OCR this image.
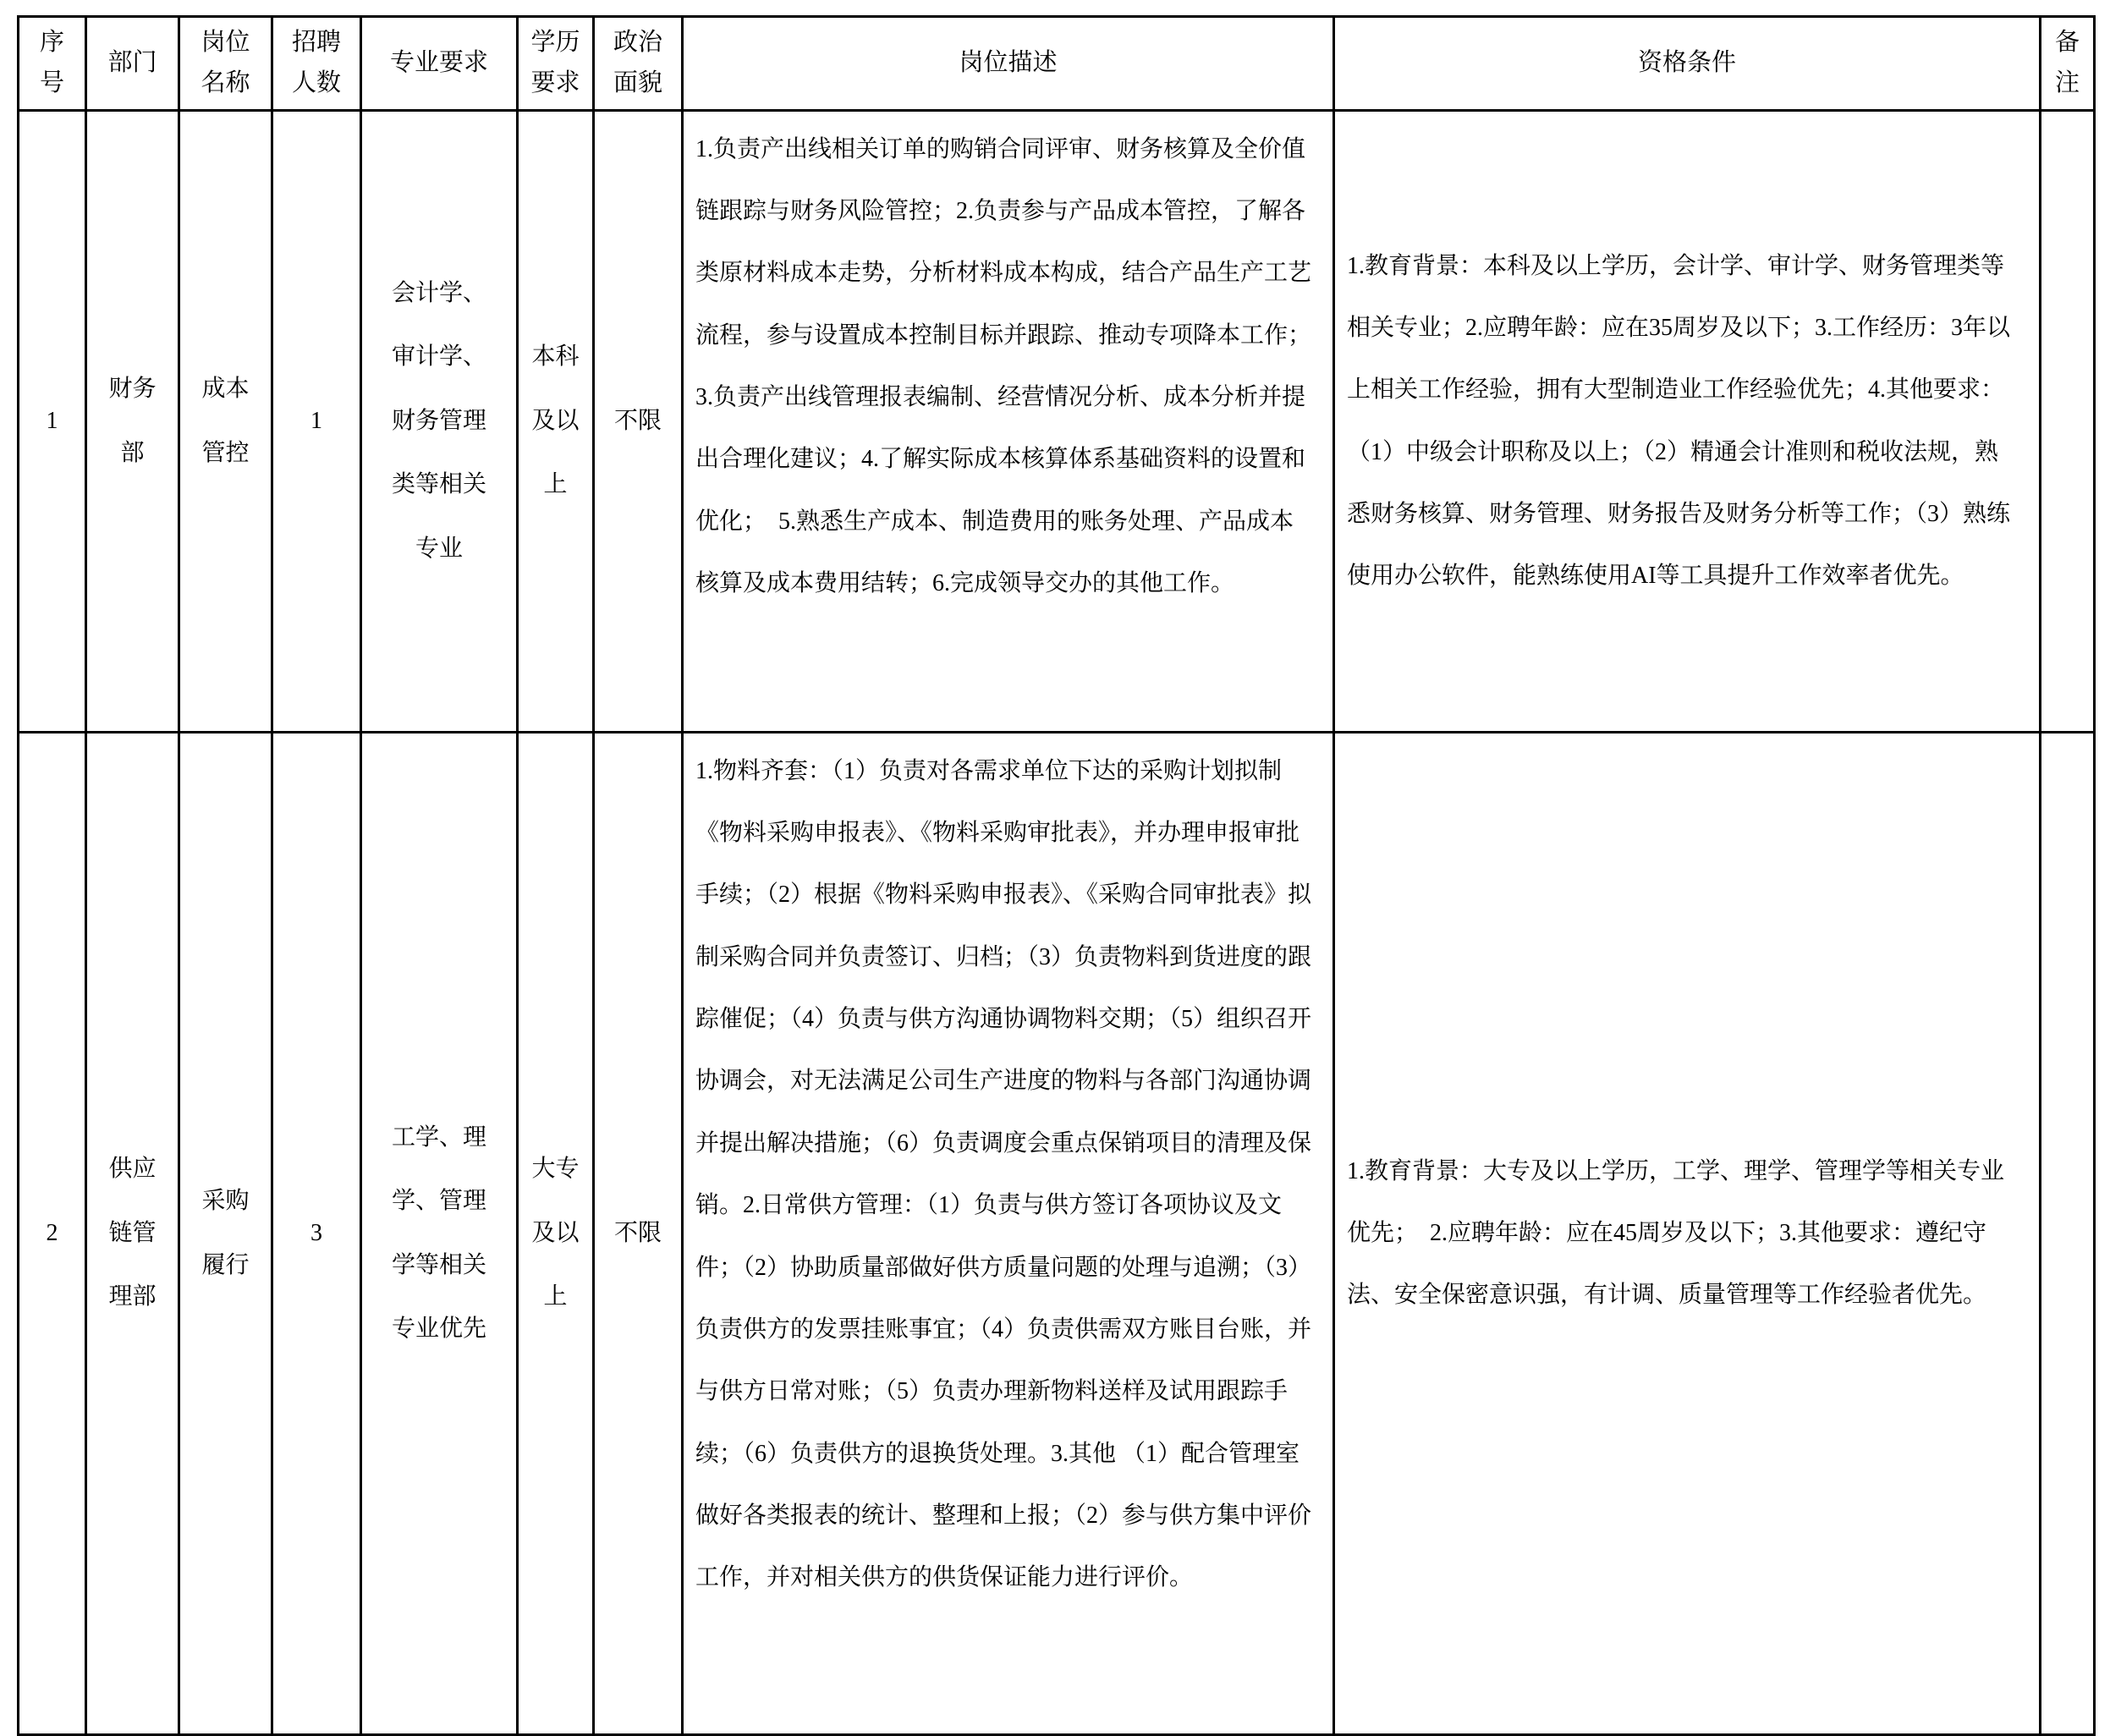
序号	部门	岗位名称	招聘人数	专业要求	学历要求	政治面貌	岗位描述	资格条件	备注
1	财务部	成本管控	1	会计学、审计学、财务管理类等相关专业	本科及以上	不限	1.负责产出线相关订单的购销合同评审、财务核算及全价值链跟踪与财务风险管控；2.负责参与产品成本管控，了解各类原材料成本走势，分析材料成本构成，结合产品生产工艺流程，参与设置成本控制目标并跟踪、推动专项降本工作；3.负责产出线管理报表编制、经营情况分析、成本分析并提出合理化建议；4.了解实际成本核算体系基础资料的设置和优化；  5.熟悉生产成本、制造费用的账务处理、产品成本核算及成本费用结转；6.完成领导交办的其他工作。	1.教育背景：本科及以上学历，会计学、审计学、财务管理类等相关专业；2.应聘年龄：应在35周岁及以下；3.工作经历：3年以上相关工作经验，拥有大型制造业工作经验优先；4.其他要求：（1）中级会计职称及以上；（2）精通会计准则和税收法规，熟悉财务核算、财务管理、财务报告及财务分析等工作；（3）熟练使用办公软件，能熟练使用AI等工具提升工作效率者优先。	
2	供应链管理部	采购履行	3	工学、理学、管理学等相关专业优先	大专及以上	不限	1.物料齐套：（1）负责对各需求单位下达的采购计划拟制《物料采购申报表》、《物料采购审批表》，并办理申报审批手续；（2）根据《物料采购申报表》、《采购合同审批表》拟制采购合同并负责签订、归档；（3）负责物料到货进度的跟踪催促；（4）负责与供方沟通协调物料交期；（5）组织召开协调会，对无法满足公司生产进度的物料与各部门沟通协调并提出解决措施；（6）负责调度会重点保销项目的清理及保销。2.日常供方管理：（1）负责与供方签订各项协议及文件；（2）协助质量部做好供方质量问题的处理与追溯；（3）负责供方的发票挂账事宜；（4）负责供需双方账目台账，并与供方日常对账；（5）负责办理新物料送样及试用跟踪手续；（6）负责供方的退换货处理。3.其他 （1）配合管理室做好各类报表的统计、整理和上报；（2）参与供方集中评价工作，并对相关供方的供货保证能力进行评价。	1.教育背景：大专及以上学历，工学、理学、管理学等相关专业优先；  2.应聘年龄：应在45周岁及以下；3.其他要求：遵纪守法、安全保密意识强，有计调、质量管理等工作经验者优先。	
